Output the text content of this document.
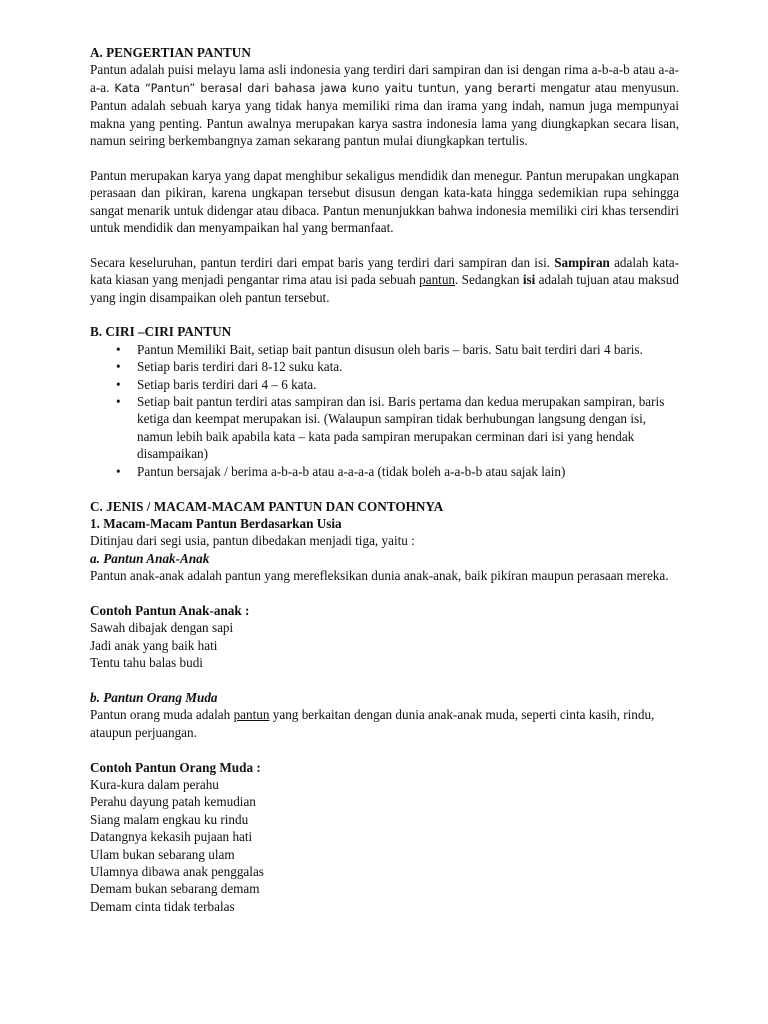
A. PENGERTIAN PANTUN

Pantun adalah puisi melayu lama asli indonesia yang terdiri dari sampiran dan isi dengan rima a-b-a-b atau a-a-a-a. Kata “Pantun” berasal dari bahasa jawa kuno yaitu tuntun, yang berarti mengatur atau menyusun. Pantun adalah sebuah karya yang tidak hanya memiliki rima dan irama yang indah, namun juga mempunyai makna yang penting. Pantun awalnya merupakan karya sastra indonesia lama yang diungkapkan secara lisan, namun seiring berkembangnya zaman sekarang pantun mulai diungkapkan tertulis.

Pantun merupakan karya yang dapat menghibur sekaligus mendidik dan menegur. Pantun merupakan ungkapan perasaan dan pikiran, karena ungkapan tersebut disusun dengan kata-kata hingga sedemikian rupa sehingga sangat menarik untuk didengar atau dibaca. Pantun menunjukkan bahwa indonesia memiliki ciri khas tersendiri untuk mendidik dan menyampaikan hal yang bermanfaat.

Secara keseluruhan, pantun terdiri dari empat baris yang terdiri dari sampiran dan isi. Sampiran adalah kata-kata kiasan yang menjadi pengantar rima atau isi pada sebuah pantun. Sedangkan isi adalah tujuan atau maksud yang ingin disampaikan oleh pantun tersebut.

B. CIRI –CIRI PANTUN
• Pantun Memiliki Bait, setiap bait pantun disusun oleh baris – baris. Satu bait terdiri dari 4 baris.
• Setiap baris terdiri dari 8-12 suku kata.
• Setiap baris terdiri dari 4 – 6 kata.
• Setiap bait pantun terdiri atas sampiran dan isi. Baris pertama dan kedua merupakan sampiran, baris ketiga dan keempat merupakan isi. (Walaupun sampiran tidak berhubungan langsung dengan isi, namun lebih baik apabila kata – kata pada sampiran merupakan cerminan dari isi yang hendak disampaikan)
• Pantun bersajak / berima a-b-a-b atau a-a-a-a (tidak boleh a-a-b-b atau sajak lain)
C. JENIS / MACAM-MACAM PANTUN DAN CONTOHNYA
1. Macam-Macam Pantun Berdasarkan Usia

Ditinjau dari segi usia, pantun dibedakan menjadi tiga, yaitu :

a. Pantun Anak-Anak

Pantun anak-anak adalah pantun yang merefleksikan dunia anak-anak, baik pikiran maupun perasaan mereka.

Contoh Pantun Anak-anak :

Sawah dibajak dengan sapi

Jadi anak yang baik hati

Tentu tahu balas budi

b. Pantun Orang Muda

Pantun orang muda adalah pantun yang berkaitan dengan dunia anak-anak muda, seperti cinta kasih, rindu, ataupun perjuangan.

Contoh Pantun Orang Muda :

Kura-kura dalam perahu

Perahu dayung patah kemudian

Siang malam engkau ku rindu

Datangnya kekasih pujaan hati

Ulam bukan sebarang ulam

Ulamnya dibawa anak penggalas

Demam bukan sebarang demam

Demam cinta tidak terbalas
